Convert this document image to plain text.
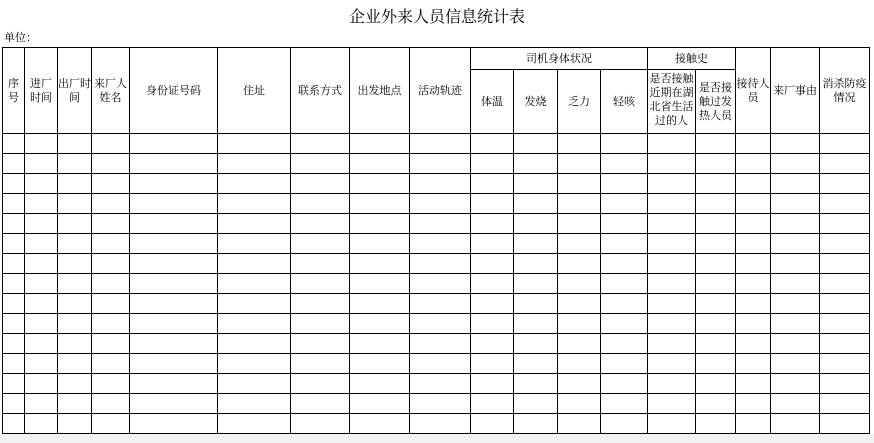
企业外来人员信息统计表
单位：
序号	进厂时间	出厂时间	来厂人姓名	身份证号码	住址	联系方式	出发地点	活动轨迹	司机身体状况				接触史		接待人员	来厂事由	消杀防疫情况
									体温	发烧	乏力	轻咳	是否接触近期在湖北省生活过的人	是否接触过发热人员			
